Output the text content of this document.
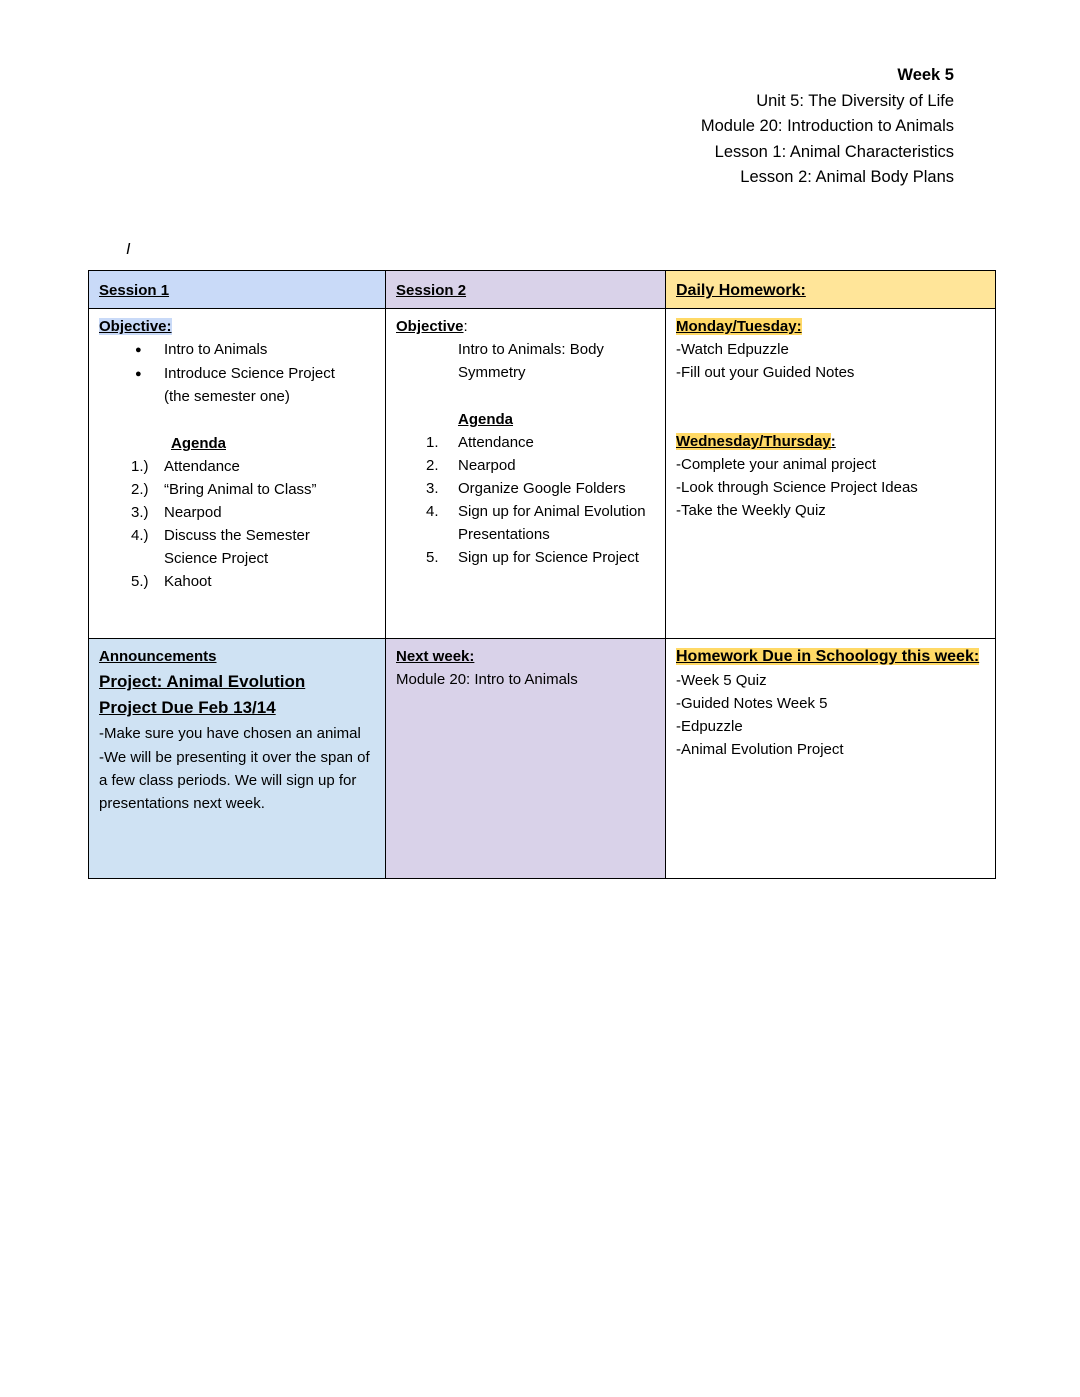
Week 5
Unit 5: The Diversity of Life
Module 20: Introduction to Animals
Lesson 1: Animal Characteristics
Lesson 2: Animal Body Plans
I
Session 1	Session 2	Daily Homework:

Objective:
●	Intro to Animals
●	Introduce Science Project (the semester one)
Agenda
1.)	Attendance
2.)	“Bring Animal to Class”
3.)	Nearpod
4.)	Discuss the Semester Science Project
5.)	Kahoot

Objective:
Intro to Animals: Body Symmetry
Agenda
1.	Attendance
2.	Nearpod
3.	Organize Google Folders
4.	Sign up for Animal Evolution Presentations
5.	Sign up for Science Project

Monday/Tuesday:
-Watch Edpuzzle
-Fill out your Guided Notes
Wednesday/Thursday:
-Complete your animal project
-Look through Science Project Ideas
-Take the Weekly Quiz

Announcements
Project: Animal Evolution Project Due Feb 13/14
-Make sure you have chosen an animal
-We will be presenting it over the span of a few class periods. We will sign up for presentations next week.

Next week:
Module 20: Intro to Animals

Homework Due in Schoology this week:
-Week 5 Quiz
-Guided Notes Week 5
-Edpuzzle
-Animal Evolution Project
